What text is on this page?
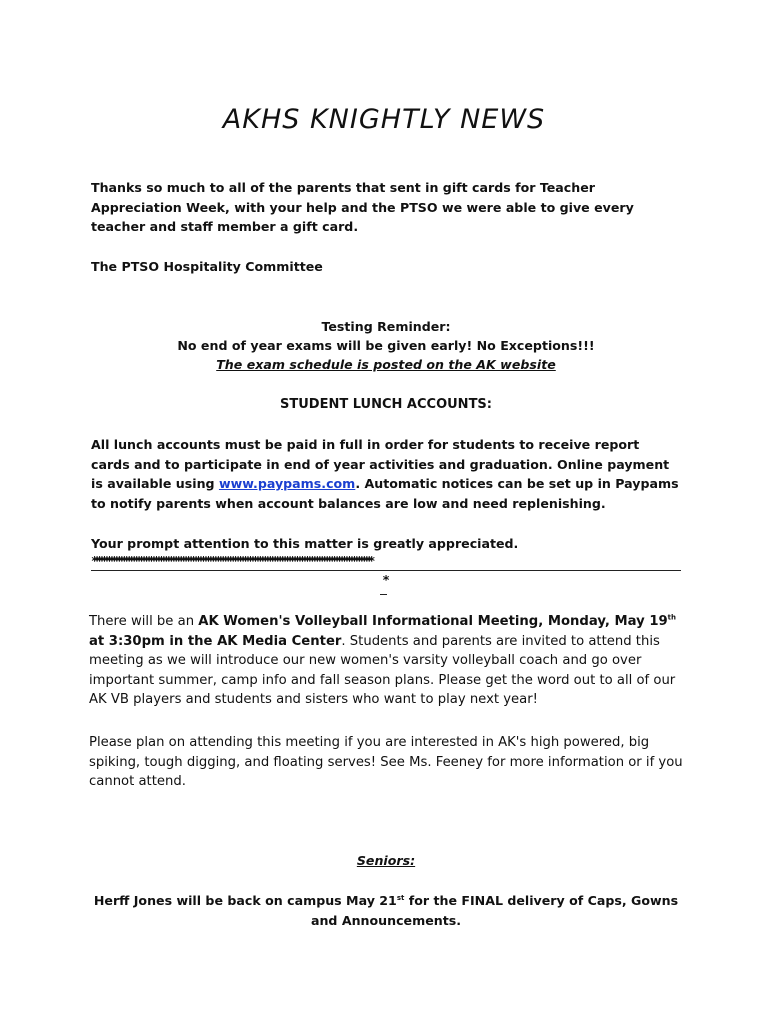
AKHS KNIGHTLY NEWS
Thanks so much to all of the parents that sent in gift cards for Teacher Appreciation Week, with your help and the PTSO we were able to give every teacher and staff member a gift card.
The PTSO Hospitality Committee
Testing Reminder:
No end of year exams will be given early! No Exceptions!!!
The exam schedule is posted on the AK website
STUDENT LUNCH ACCOUNTS:
All lunch accounts must be paid in full in order for students to receive report cards and to participate in end of year activities and graduation. Online payment is available using www.paypams.com. Automatic notices can be set up in Paypams to notify parents when account balances are low and need replenishing.
Your prompt attention to this matter is greatly appreciated.
*****************************************************************************************************************
*
There will be an AK Women's Volleyball Informational Meeting, Monday, May 19th at 3:30pm in the AK Media Center. Students and parents are invited to attend this meeting as we will introduce our new women's varsity volleyball coach and go over important summer, camp info and fall season plans. Please get the word out to all of our AK VB players and students and sisters who want to play next year!
Please plan on attending this meeting if you are interested in AK's high powered, big spiking, tough digging, and floating serves! See Ms. Feeney for more information or if you cannot attend.
Seniors:
Herff Jones will be back on campus May 21st for the FINAL delivery of Caps, Gowns and Announcements.
